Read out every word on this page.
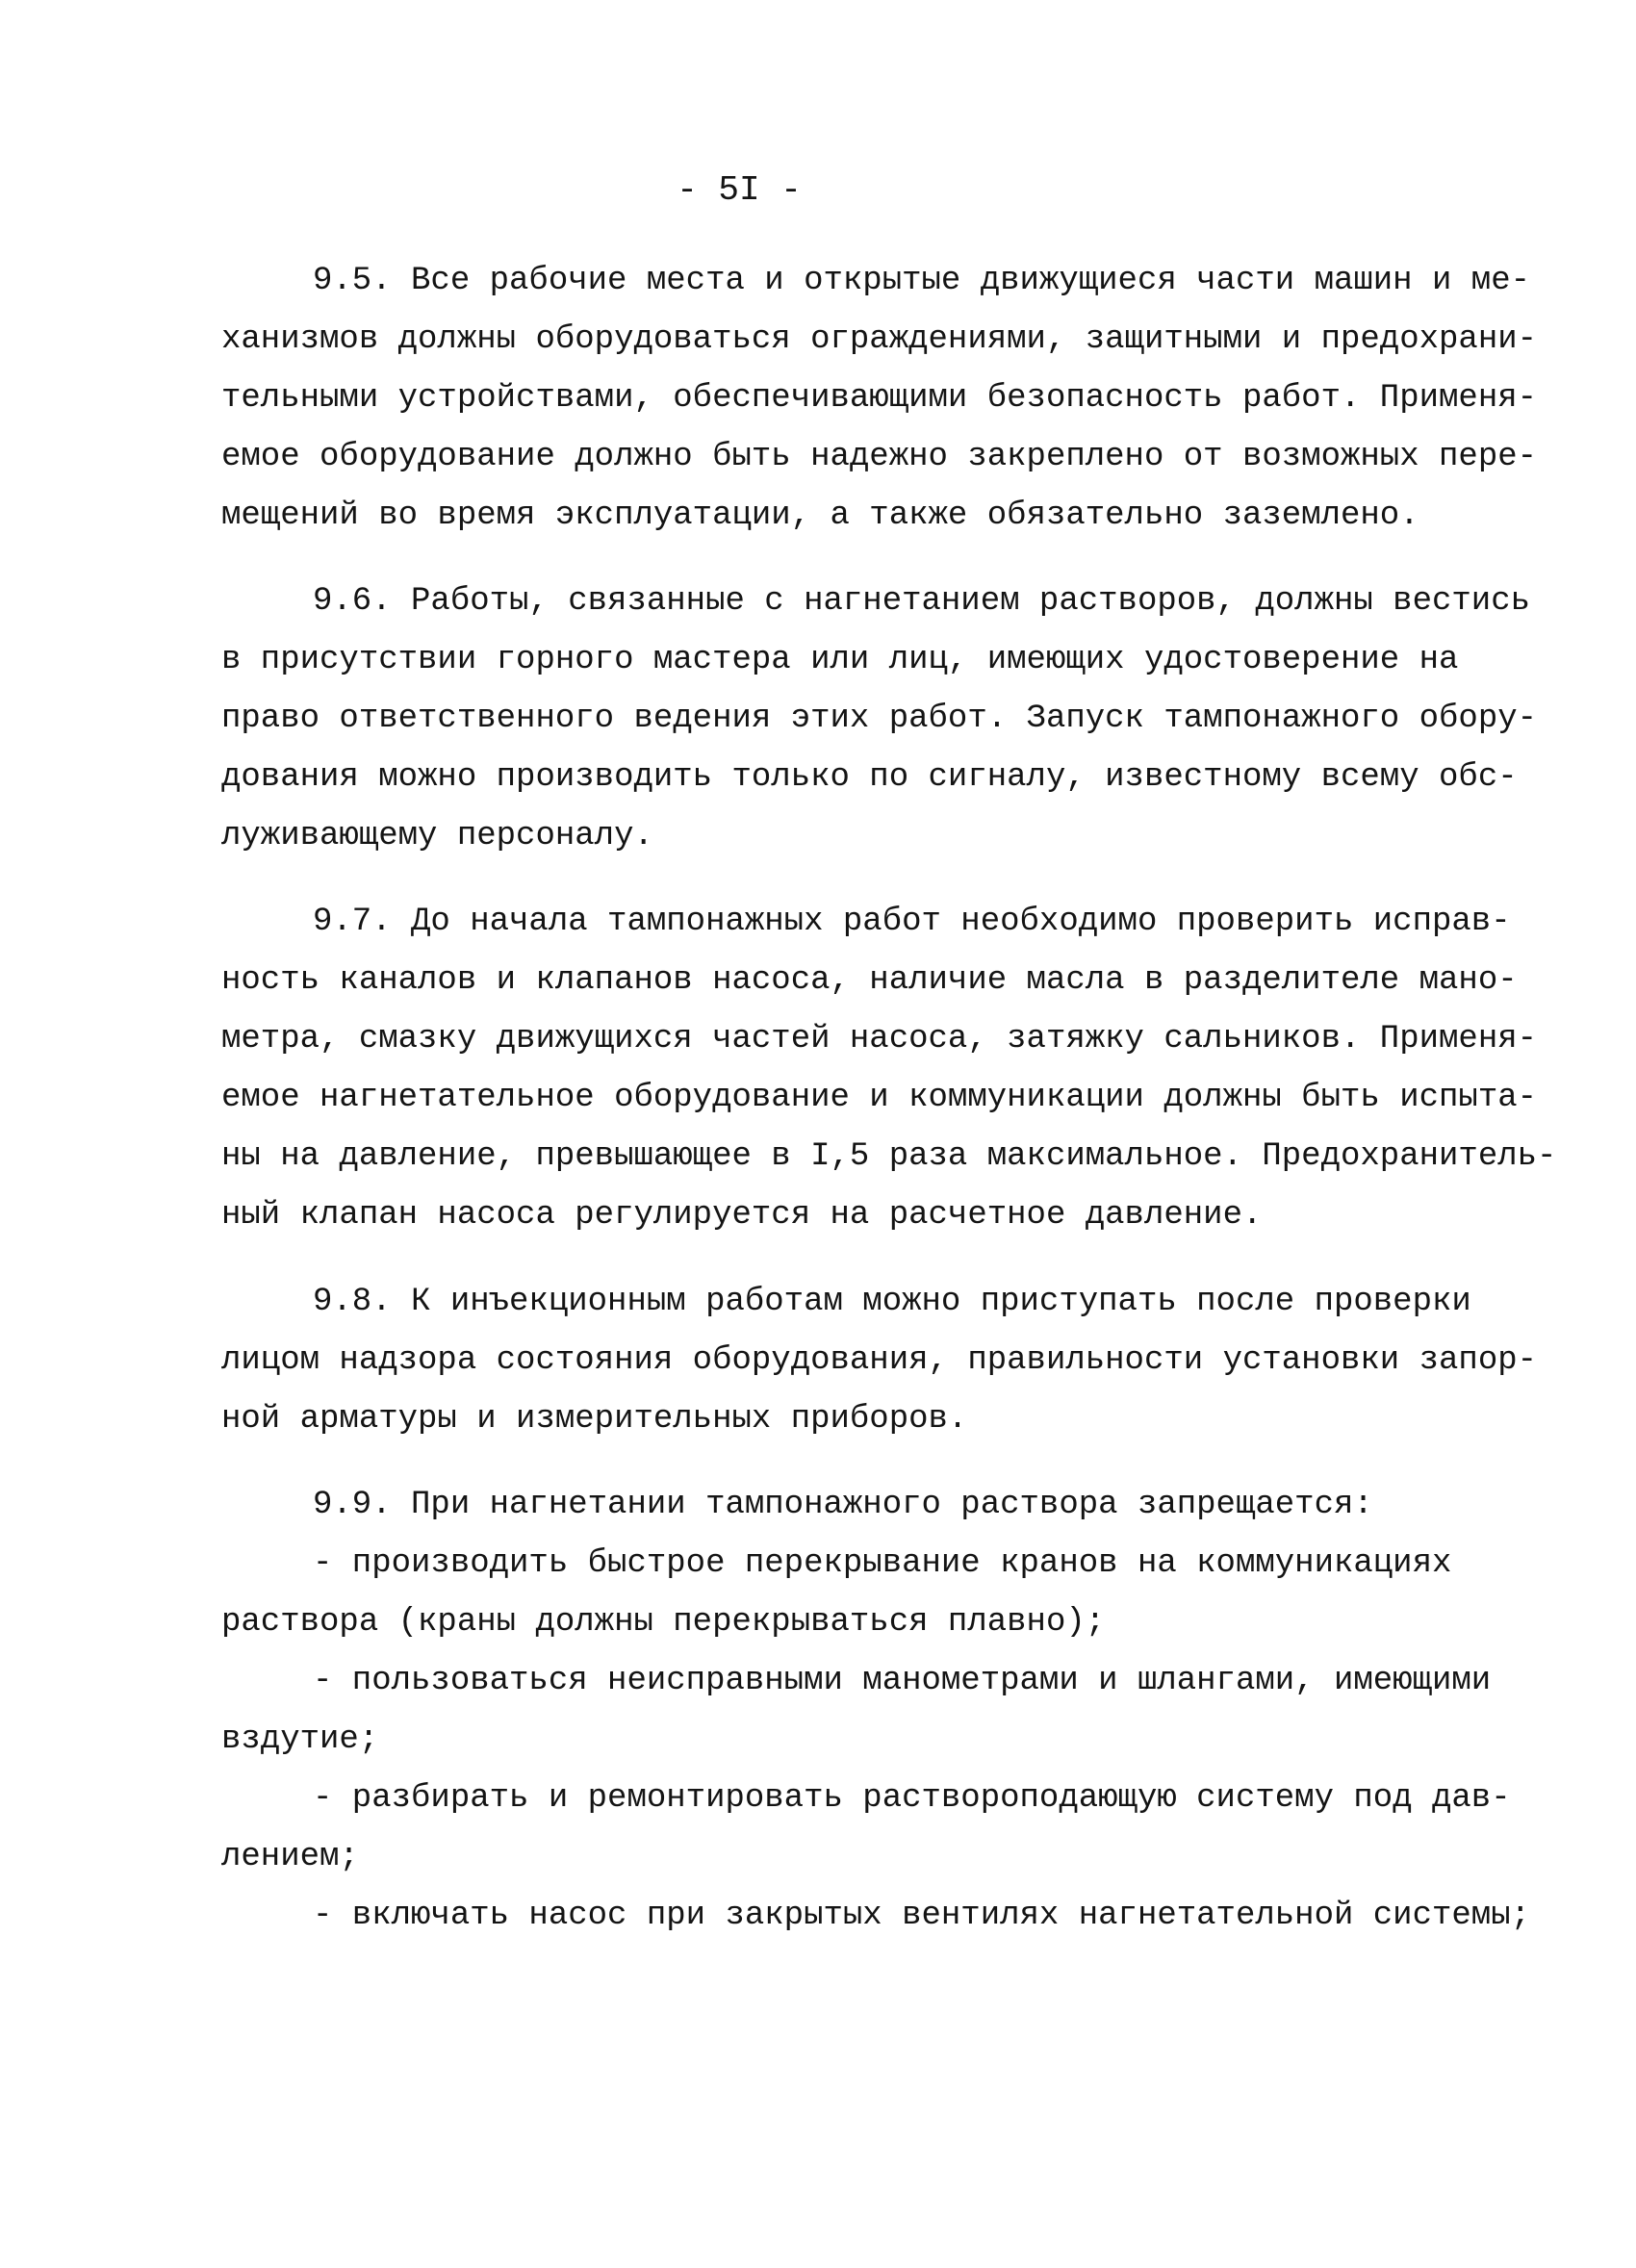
- 5I -
9.5. Все рабочие места и открытые движущиеся части машин и ме-
ханизмов должны оборудоваться ограждениями, защитными и предохрани-
тельными устройствами, обеспечивающими безопасность работ. Применя-
емое оборудование должно быть надежно закреплено от возможных пере-
мещений во время эксплуатации, а также обязательно заземлено.
9.6. Работы, связанные с нагнетанием растворов, должны вестись
в присутствии горного мастера или лиц, имеющих удостоверение на
право ответственного ведения этих работ. Запуск тампонажного обору-
дования можно производить только по сигналу, известному всему обс-
луживающему персоналу.
9.7. До начала тампонажных работ необходимо проверить исправ-
ность каналов и клапанов насоса, наличие масла в разделителе мано-
метра, смазку движущихся частей насоса, затяжку сальников. Применя-
емое нагнетательное оборудование и коммуникации должны быть испыта-
ны на давление, превышающее в I,5 раза максимальное. Предохранитель-
ный клапан насоса регулируется на расчетное давление.
9.8. К инъекционным работам можно приступать после проверки
лицом надзора состояния оборудования, правильности установки запор-
ной арматуры и измерительных приборов.
9.9. При нагнетании тампонажного раствора запрещается:
- производить быстрое перекрывание кранов на коммуникациях
раствора (краны должны перекрываться плавно);
- пользоваться неисправными манометрами и шлангами, имеющими
вздутие;
- разбирать и ремонтировать растворoподающую систему под дав-
лением;
- включать насос при закрытых вентилях нагнетательной системы;
